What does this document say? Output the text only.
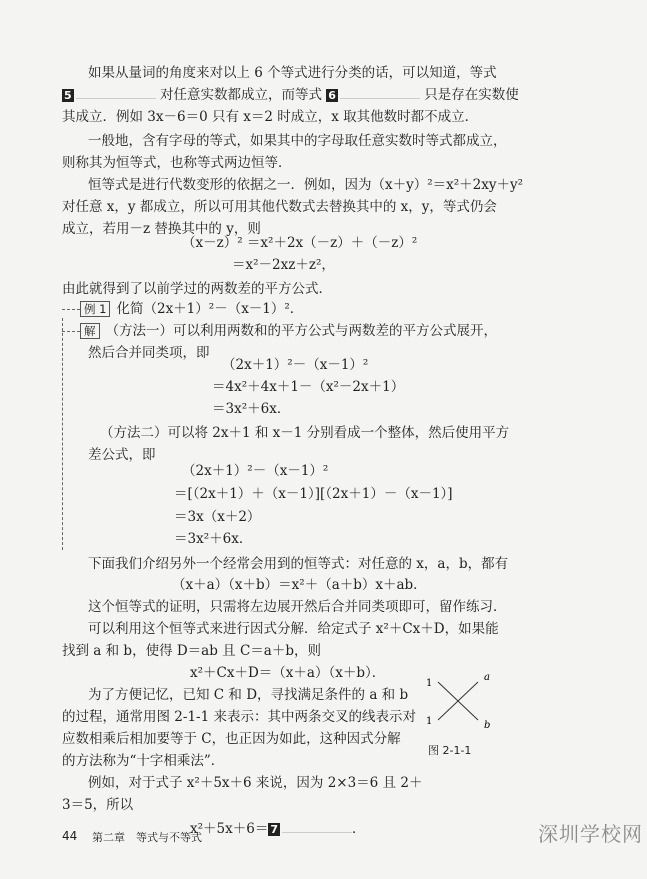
如果从量词的角度来对以上 6 个等式进行分类的话，可以知道，等式
5	对任意实数都成立，而等式 6	只是存在实数使
其成立．例如 3x－6＝0 只有 x＝2 时成立，x 取其他数时都不成立．
一般地，含有字母的等式，如果其中的字母取任意实数时等式都成立，
则称其为恒等式，也称等式两边恒等．
恒等式是进行代数变形的依据之一．例如，因为（x＋y）²＝x²＋2xy＋y²
对任意 x，y 都成立，所以可用其他代数式去替换其中的 x，y，等式仍会
成立，若用－z 替换其中的 y，则
（x－z）² ＝x²＋2x（－z）＋（－z）²
＝x²－2xz＋z²，
由此就得到了以前学过的两数差的平方公式．
例 1 化简（2x＋1）²－（x－1）²．
解 （方法一）可以利用两数和的平方公式与两数差的平方公式展开，
然后合并同类项，即
（2x＋1）²－（x－1）²
＝4x²＋4x＋1－（x²－2x＋1）
＝3x²＋6x．
（方法二）可以将 2x＋1 和 x－1 分别看成一个整体，然后使用平方
差公式，即
（2x＋1）²－（x－1）²
＝[（2x＋1）＋（x－1）][（2x＋1）－（x－1）]
＝3x（x＋2）
＝3x²＋6x．
下面我们介绍另外一个经常会用到的恒等式：对任意的 x，a，b，都有
（x＋a）（x＋b）＝x²＋（a＋b）x＋ab．
这个恒等式的证明，只需将左边展开然后合并同类项即可，留作练习．
可以利用这个恒等式来进行因式分解．给定式子 x²＋Cx＋D，如果能
找到 a 和 b，使得 D＝ab 且 C＝a＋b，则
x²＋Cx＋D＝（x＋a）（x＋b）．
为了方便记忆，已知 C 和 D，寻找满足条件的 a 和 b
的过程，通常用图 2-1-1 来表示：其中两条交叉的线表示对
应数相乘后相加要等于 C，也正因为如此，这种因式分解
的方法称为“十字相乘法”．
1
a
1	b
图 2-1-1
例如，对于式子 x²＋5x＋6 来说，因为 2×3＝6 且 2＋
3＝5，所以
x²＋5x＋6＝ 7	．
44 第二章　等式与不等式	深圳学校网
